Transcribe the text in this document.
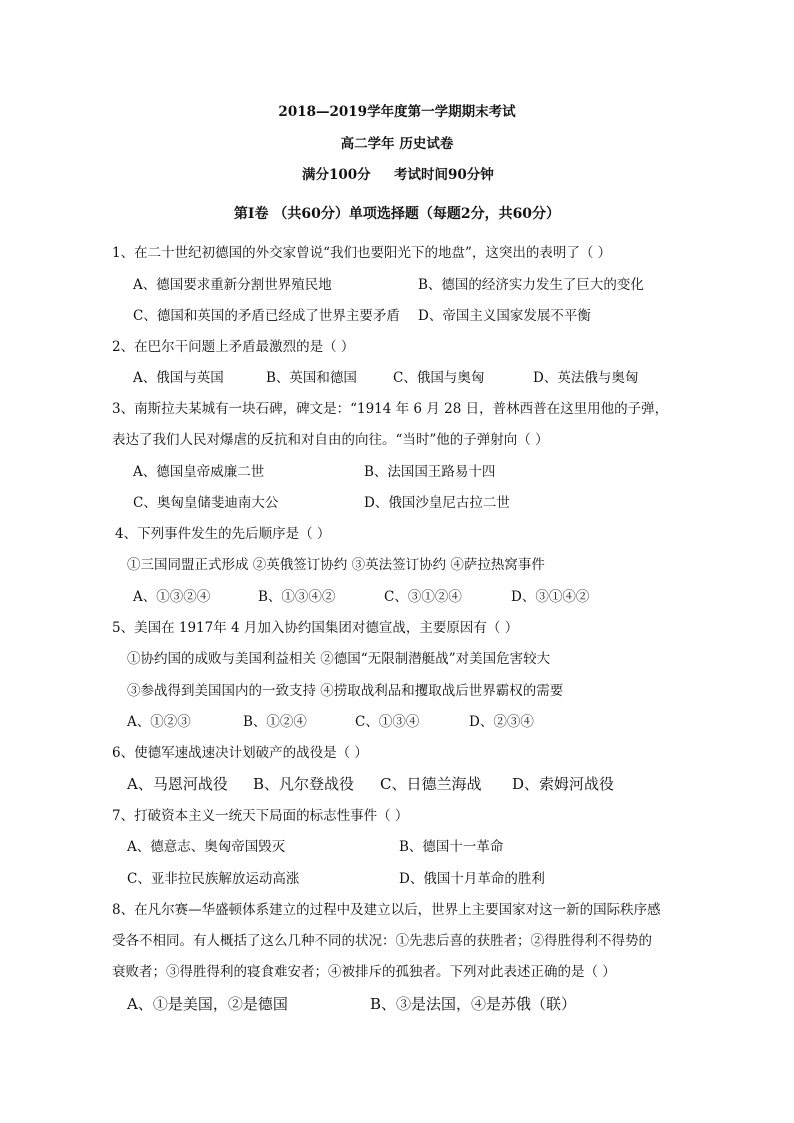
2018—2019学年度第一学期期末考试
高二学年 历史试卷
满分100分 考试时间90分钟
第Ⅰ卷 （共60分）单项选择题（每题2分，共60分）
1、在二十世纪初德国的外交家曾说“我们也要阳光下的地盘”，这突出的表明了（ ）
A、德国要求重新分割世界殖民地	B、德国的经济实力发生了巨大的变化
C、德国和英国的矛盾已经成了世界主要矛盾 D、帝国主义国家发展不平衡
2、在巴尔干问题上矛盾最激烈的是（ ）
A、俄国与英国	B、英国和德国	C、俄国与奥匈	D、英法俄与奥匈
3、南斯拉夫某城有一块石碑，碑文是：“1914 年 6 月 28 日，普林西普在这里用他的子弹，
表达了我们人民对爆虐的反抗和对自由的向往。“当时”他的子弹射向（ ）
A、德国皇帝威廉二世	B、法国国王路易十四
C、奥匈皇储斐迪南大公	D、俄国沙皇尼古拉二世
4、下列事件发生的先后顺序是（ ）
①三国同盟正式形成 ②英俄签订协约 ③英法签订协约 ④萨拉热窝事件
A、①③②④	B、①③④②	C、③①②④	D、③①④②
5、美国在 1917年 4 月加入协约国集团对德宣战，主要原因有（ ）
①协约国的成败与美国利益相关 ②德国“无限制潜艇战”对美国危害较大
③参战得到美国国内的一致支持 ④捞取战利品和攫取战后世界霸权的需要
A、①②③	B、①②④	C、①③④	D、②③④
6、使德军速战速决计划破产的战役是（ ）
A、马恩河战役 B、凡尔登战役 C、日德兰海战 D、索姆河战役
7、打破资本主义一统天下局面的标志性事件（ ）
A、德意志、奥匈帝国毁灭	B、德国十一革命
C、亚非拉民族解放运动高涨	D、俄国十月革命的胜利
8、在凡尔赛—华盛顿体系建立的过程中及建立以后，世界上主要国家对这一新的国际秩序感
受各不相同。有人概括了这么几种不同的状况：①先悲后喜的获胜者；②得胜得利不得势的
衰败者；③得胜得利的寝食难安者；④被排斥的孤独者。下列对此表述正确的是（ ）
A、①是美国，②是德国	B、③是法国，④是苏俄（联）
